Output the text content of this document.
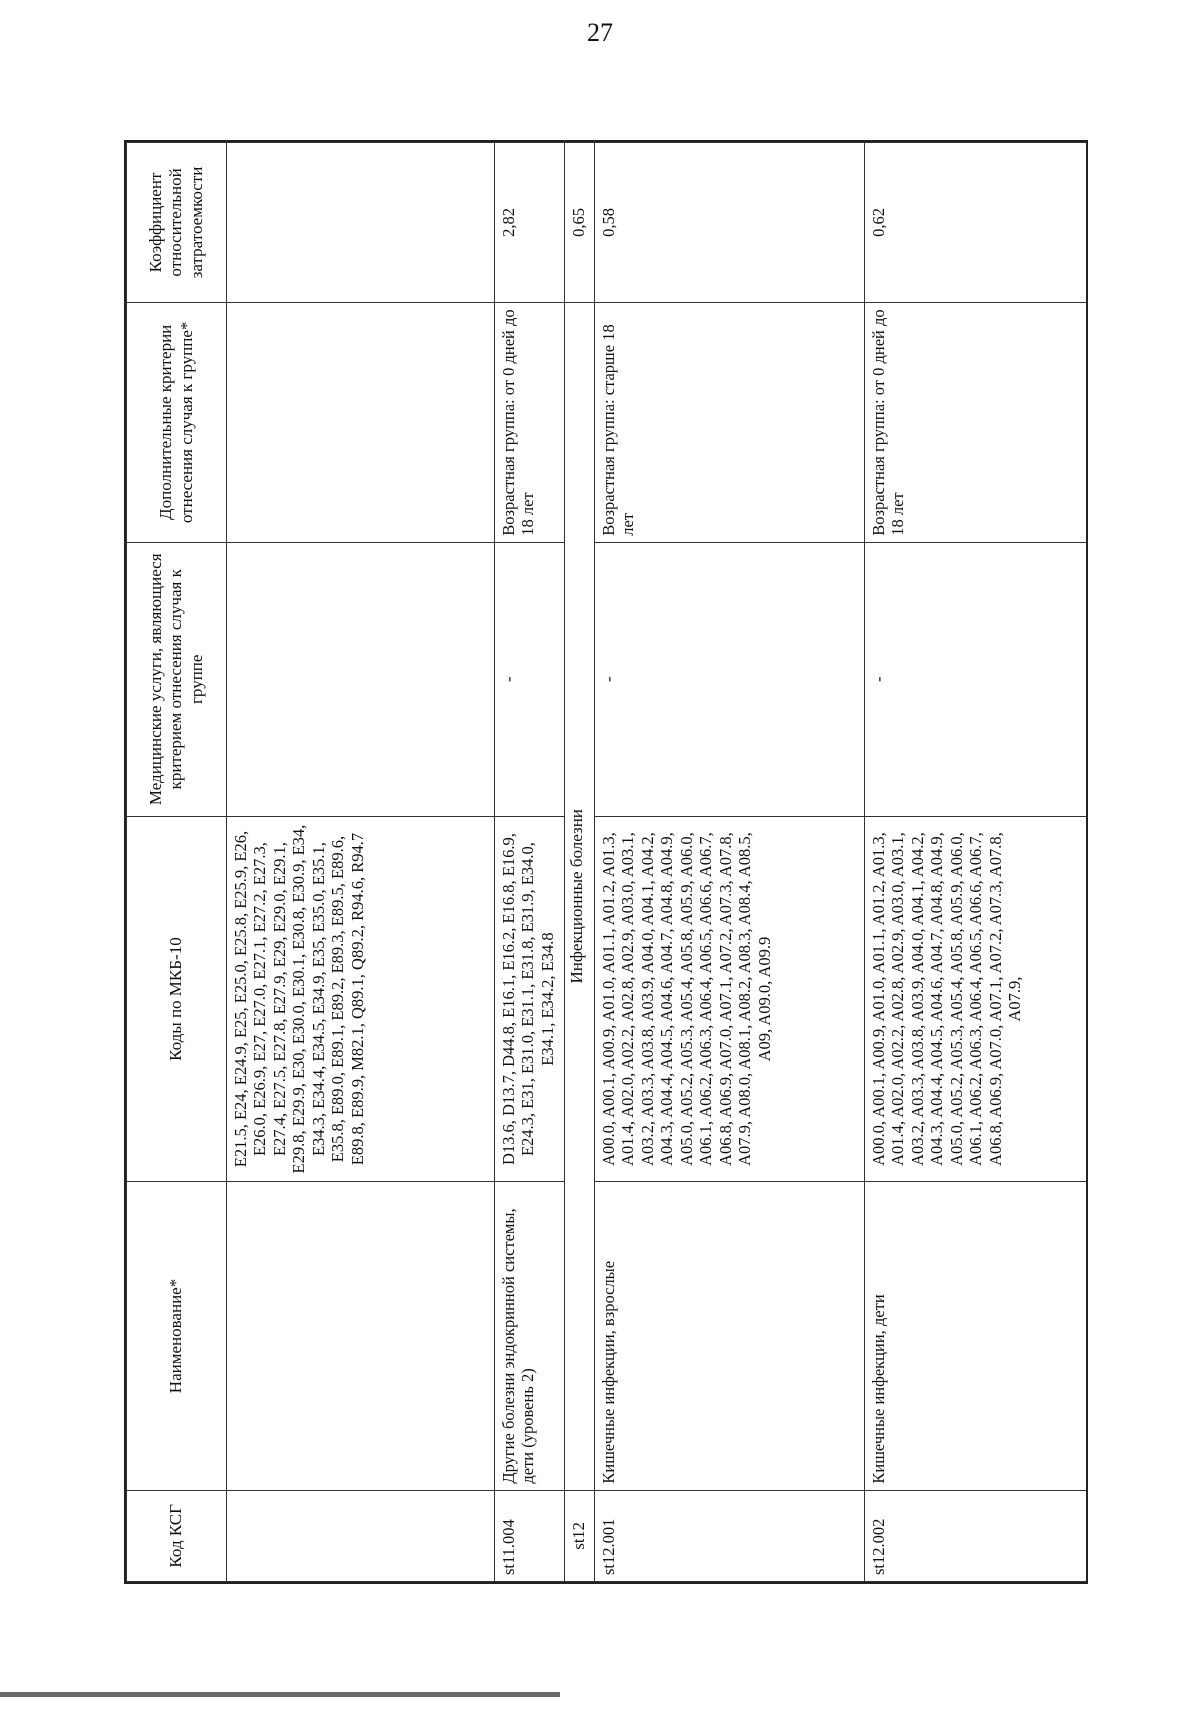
27
Код КСГ	Наименование*	Коды по МКБ-10	Медицинские услуги, являющиеся критерием отнесения случая к группе	Дополнительные критерии отнесения случая к группе*	Коэффициент относительной затратоемкости
		E21.5, E24, E24.9, E25, E25.0, E25.8, E25.9, E26, E26.0, E26.9, E27, E27.0, E27.1, E27.2, E27.3, E27.4, E27.5, E27.8, E27.9, E29, E29.0, E29.1, E29.8, E29.9, E30, E30.0, E30.1, E30.8, E30.9, E34, E34.3, E34.4, E34.5, E34.9, E35, E35.0, E35.1, E35.8, E89.0, E89.1, E89.2, E89.3, E89.5, E89.6, E89.8, E89.9, M82.1, Q89.1, Q89.2, R94.6, R94.7			
st11.004	Другие болезни эндокринной системы, дети (уровень 2)	D13.6, D13.7, D44.8, E16.1, E16.2, E16.8, E16.9, E24.3, E31, E31.0, E31.1, E31.8, E31.9, E34.0, E34.1, E34.2, E34.8	-	Возрастная группа: от 0 дней до 18 лет	2,82
st12	Инфекционные болезни				0,65
st12.001	Кишечные инфекции, взрослые	A00.0, A00.1, A00.9, A01.0, A01.1, A01.2, A01.3, A01.4, A02.0, A02.2, A02.8, A02.9, A03.0, A03.1, A03.2, A03.3, A03.8, A03.9, A04.0, A04.1, A04.2, A04.3, A04.4, A04.5, A04.6, A04.7, A04.8, A04.9, A05.0, A05.2, A05.3, A05.4, A05.8, A05.9, A06.0, A06.1, A06.2, A06.3, A06.4, A06.5, A06.6, A06.7, A06.8, A06.9, A07.0, A07.1, A07.2, A07.3, A07.8, A07.9, A08.0, A08.1, A08.2, A08.3, A08.4, A08.5, A09, A09.0, A09.9	-	Возрастная группа: старше 18 лет	0,58
st12.002	Кишечные инфекции, дети	A00.0, A00.1, A00.9, A01.0, A01.1, A01.2, A01.3, A01.4, A02.0, A02.2, A02.8, A02.9, A03.0, A03.1, A03.2, A03.3, A03.8, A03.9, A04.0, A04.1, A04.2, A04.3, A04.4, A04.5, A04.6, A04.7, A04.8, A04.9, A05.0, A05.2, A05.3, A05.4, A05.8, A05.9, A06.0, A06.1, A06.2, A06.3, A06.4, A06.5, A06.6, A06.7, A06.8, A06.9, A07.0, A07.1, A07.2, A07.3, A07.8, A07.9,	-	Возрастная группа: от 0 дней до 18 лет	0,62
